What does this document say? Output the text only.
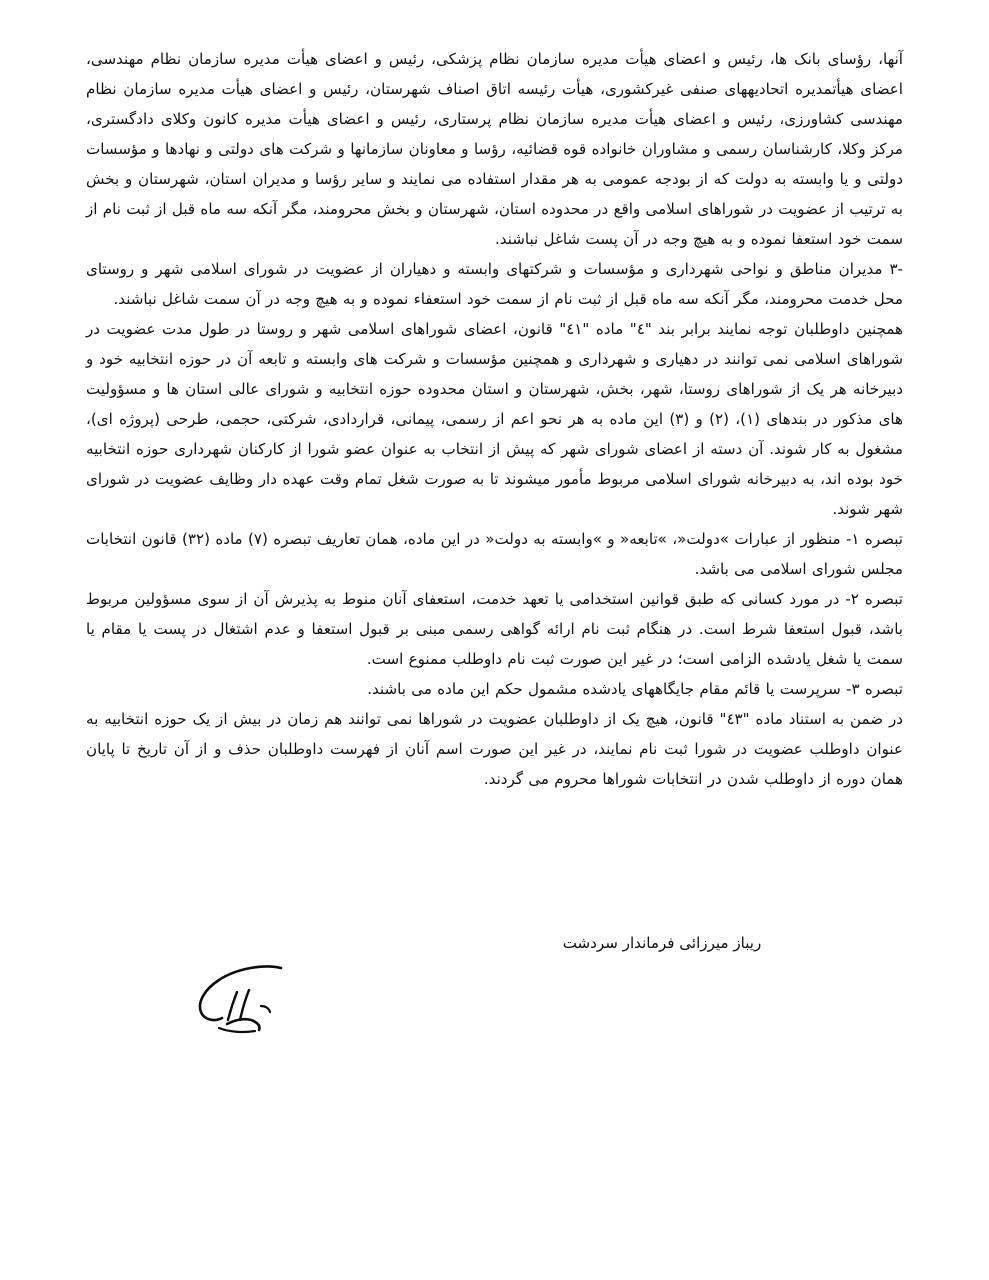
آنها، رؤسای بانک ها، رئیس و اعضای هیأت مدیره سازمان نظام پزشکی، رئیس و اعضای هیأت مدیره سازمان نظام مهندسی، اعضای هیأتمدیره اتحادیههای صنفی غیرکشوری، هیأت رئیسه اتاق اصناف شهرستان، رئیس و اعضای هیأت مدیره سازمان نظام مهندسی کشاورزی، رئیس و اعضای هیأت مدیره سازمان نظام پرستاری، رئیس و اعضای هیأت مدیره کانون وکلای دادگستری، مرکز وکلا، کارشناسان رسمی و مشاوران خانواده قوه قضائیه، رؤسا و معاونان سازمانها و شرکت های دولتی و نهادها و مؤسسات دولتی و یا وابسته به دولت که از بودجه عمومی به هر مقدار استفاده می نمایند و سایر رؤسا و مدیران استان، شهرستان و بخش به ترتیب از عضویت در شوراهای اسلامی واقع در محدوده استان، شهرستان و بخش محرومند، مگر آنکه سه ماه قبل از ثبت نام از سمت خود استعفا نموده و به هیچ وجه در آن پست شاغل نباشند.

-۳ مدیران مناطق و نواحی شهرداری و مؤسسات و شرکتهای وابسته و دهیاران از عضویت در شورای اسلامی شهر و روستای محل خدمت محرومند، مگر آنکه سه ماه قبل از ثبت نام از سمت خود استعفاء نموده و به هیچ وجه در آن سمت شاغل نباشند.

همچنین داوطلبان توجه نمایند برابر بند "٤" ماده "٤١" قانون، اعضای شوراهای اسلامی شهر و روستا در طول مدت عضویت در شوراهای اسلامی نمی توانند در دهیاری و شهرداری و همچنین مؤسسات و شرکت های وابسته و تابعه آن در حوزه انتخابیه خود و دبیرخانه هر یک از شوراهای روستا، شهر، بخش، شهرستان و استان محدوده حوزه انتخابیه و شورای عالی استان ها و مسؤولیت های مذکور در بندهای (۱)، (۲) و (۳) این ماده به هر نحو اعم از رسمی، پیمانی، قراردادی، شرکتی، حجمی، طرحی (پروژه ای)، مشغول به کار شوند. آن دسته از اعضای شورای شهر که پیش از انتخاب به عنوان عضو شورا از کارکنان شهرداری حوزه انتخابیه خود بوده اند، به دبیرخانه شورای اسلامی مربوط مأمور میشوند تا به صورت شغل تمام وقت عهده دار وظایف عضویت در شورای شهر شوند.

تبصره ۱- منظور از عبارات »دولت«، »تابعه« و »وابسته به دولت« در این ماده، همان تعاریف تبصره (۷) ماده (۳۲) قانون انتخابات مجلس شورای اسلامی می باشد.

تبصره ۲- در مورد کسانی که طبق قوانین استخدامی یا تعهد خدمت، استعفای آنان منوط به پذیرش آن از سوی مسؤولین مربوط باشد، قبول استعفا شرط است. در هنگام ثبت نام ارائه گواهی رسمی مبنی بر قبول استعفا و عدم اشتغال در پست یا مقام یا سمت یا شغل یادشده الزامی است؛ در غیر این صورت ثبت نام داوطلب ممنوع است.

تبصره ۳- سرپرست یا قائم مقام جایگاههای یادشده مشمول حکم این ماده می باشند.

در ضمن به استناد ماده "٤٣" قانون، هیچ یک از داوطلبان عضویت در شوراها نمی توانند هم زمان در بیش از یک حوزه انتخابیه به عنوان داوطلب عضویت در شورا ثبت نام نمایند، در غیر این صورت اسم آنان از فهرست داوطلبان حذف و از آن تاریخ تا پایان همان دوره از داوطلب شدن در انتخابات شوراها محروم می گردند.

ریباز میرزائی فرماندار سردشت
